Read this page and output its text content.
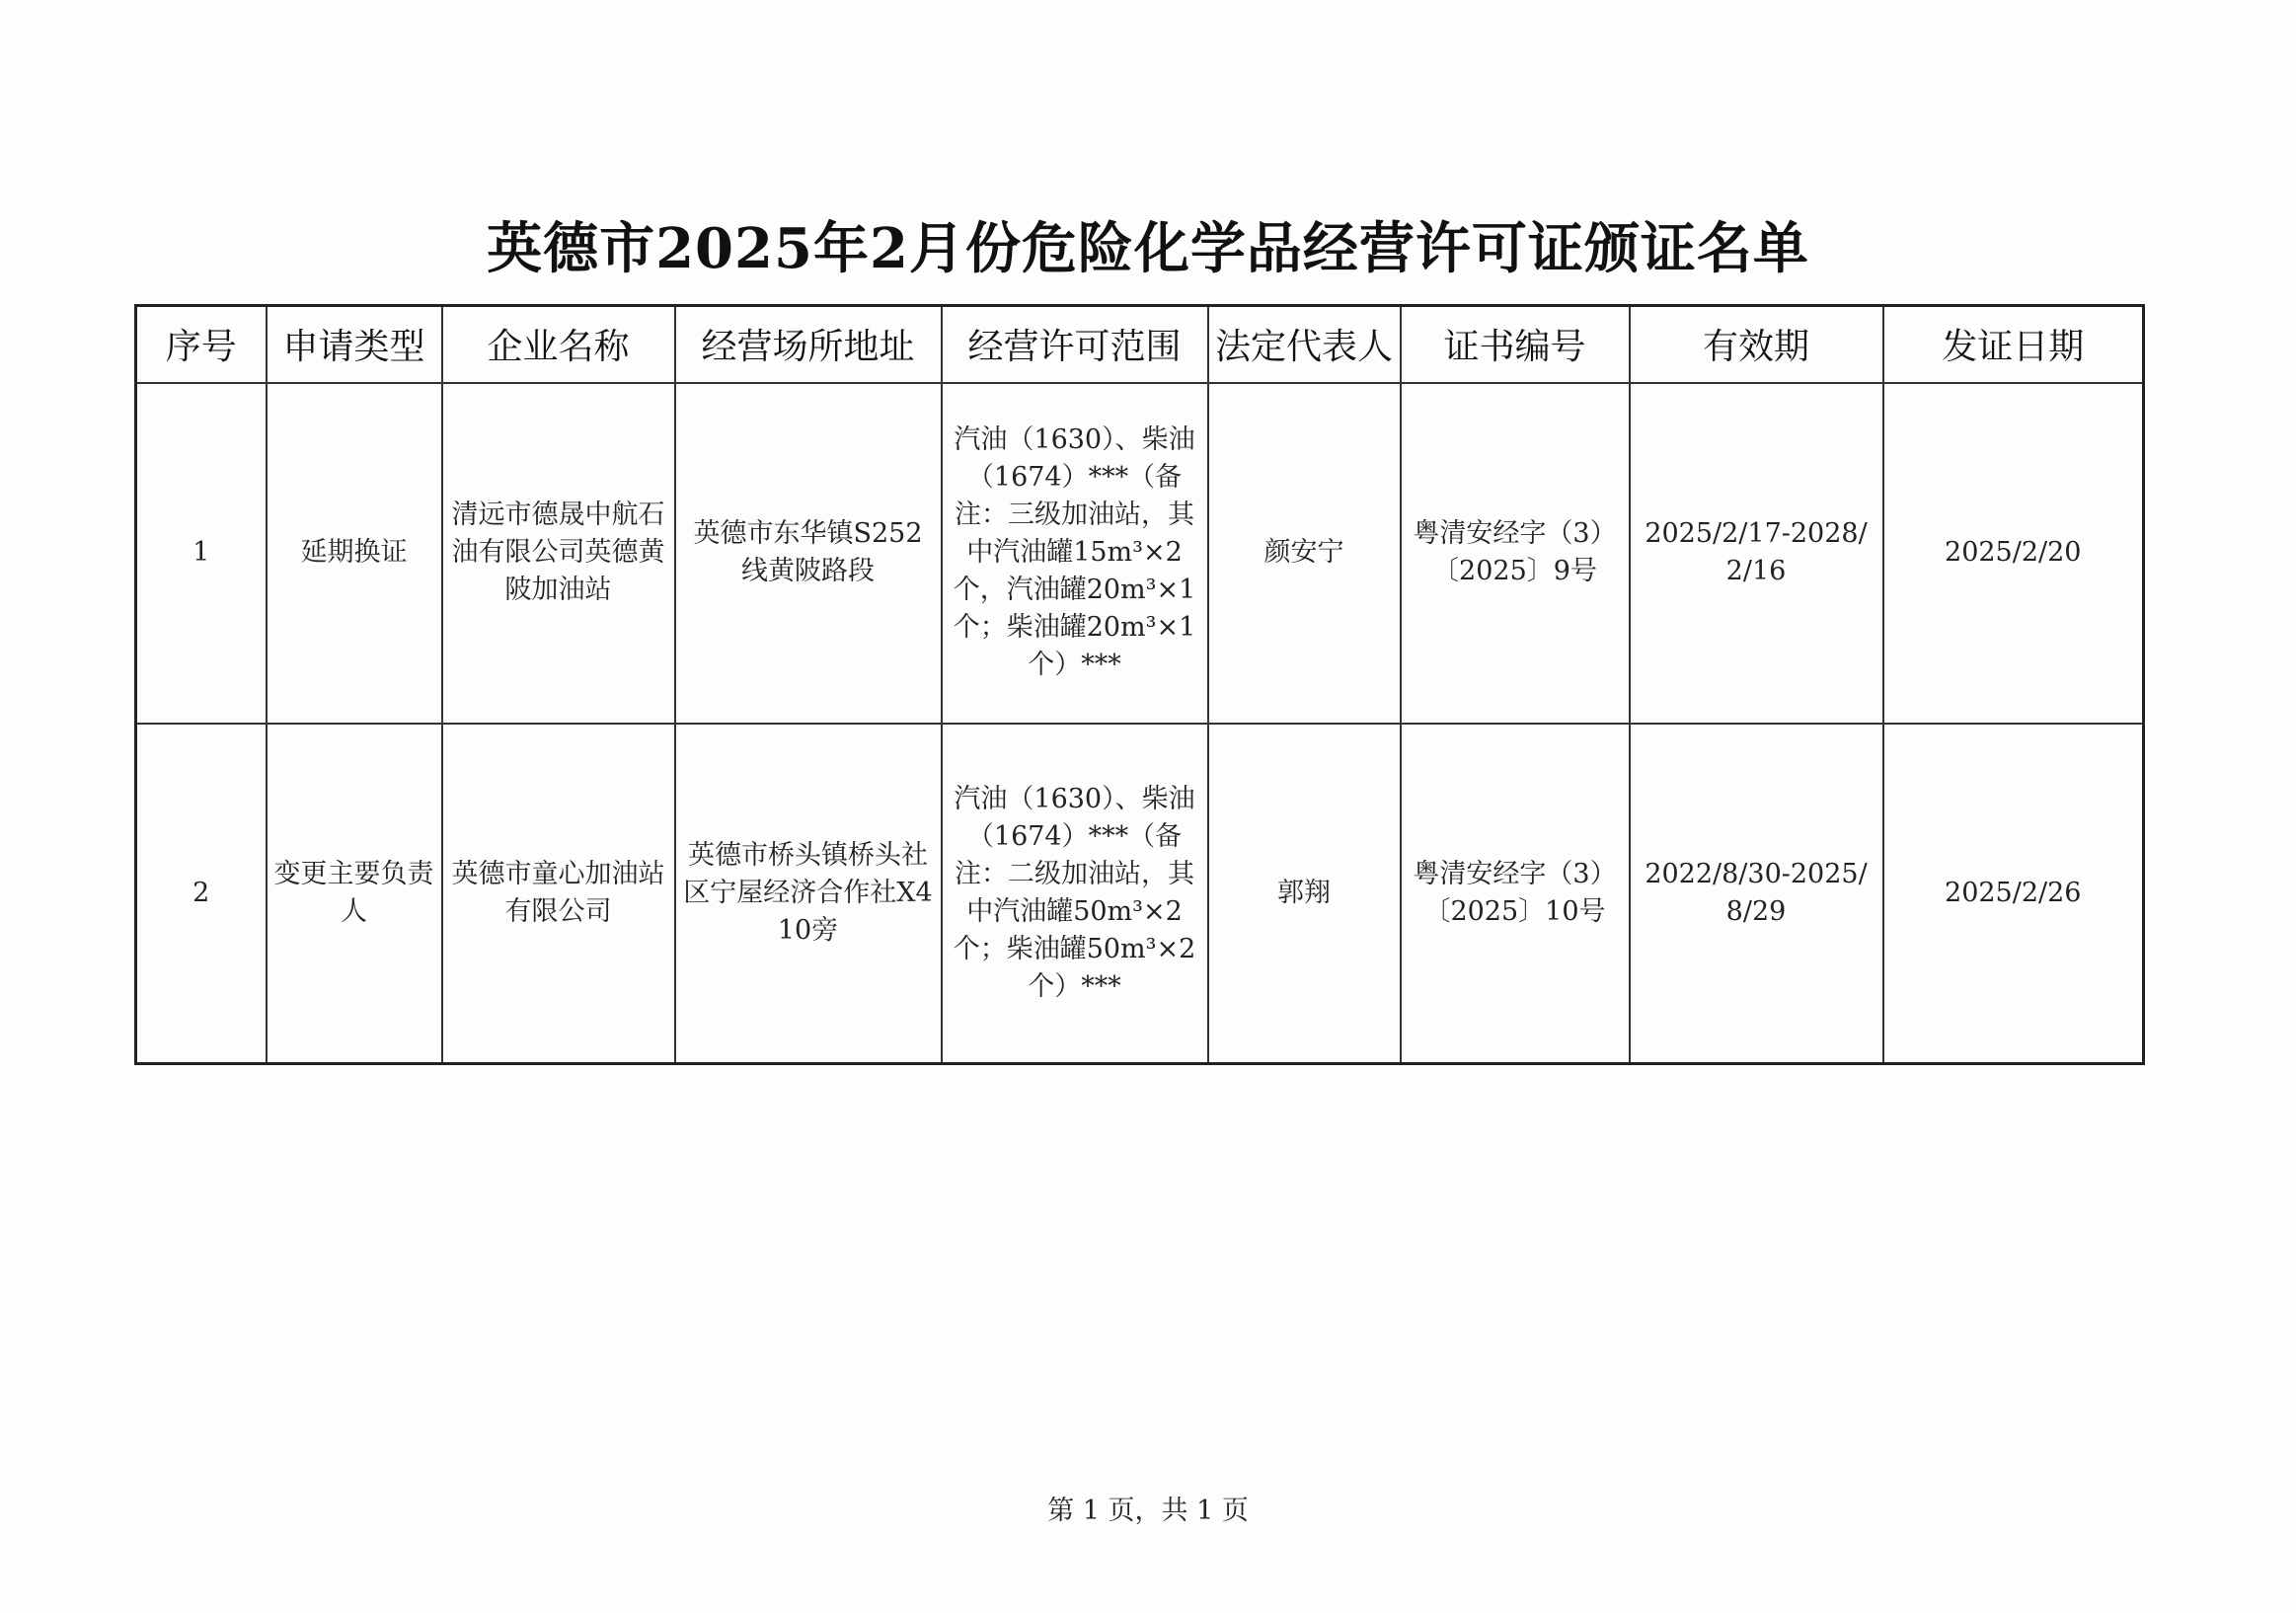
英德市2025年2月份危险化学品经营许可证颁证名单
序号	申请类型	企业名称	经营场所地址	经营许可范围	法定代表人	证书编号	有效期	发证日期
1	延期换证	清远市德晟中航石油有限公司英德黄陂加油站	英德市东华镇S252线黄陂路段	汽油（1630）、柴油（1674）***（备注：三级加油站，其中汽油罐15m³×2个，汽油罐20m³×1个；柴油罐20m³×1个）***	颜安宁	粤清安经字（3）〔2025〕9号	2025/2/17-2028/2/16	2025/2/20
2	变更主要负责人	英德市童心加油站有限公司	英德市桥头镇桥头社区宁屋经济合作社X410旁	汽油（1630）、柴油（1674）***（备注：二级加油站，其中汽油罐50m³×2个；柴油罐50m³×2个）***	郭翔	粤清安经字（3）〔2025〕10号	2022/8/30-2025/8/29	2025/2/26
第 1 页，共 1 页
